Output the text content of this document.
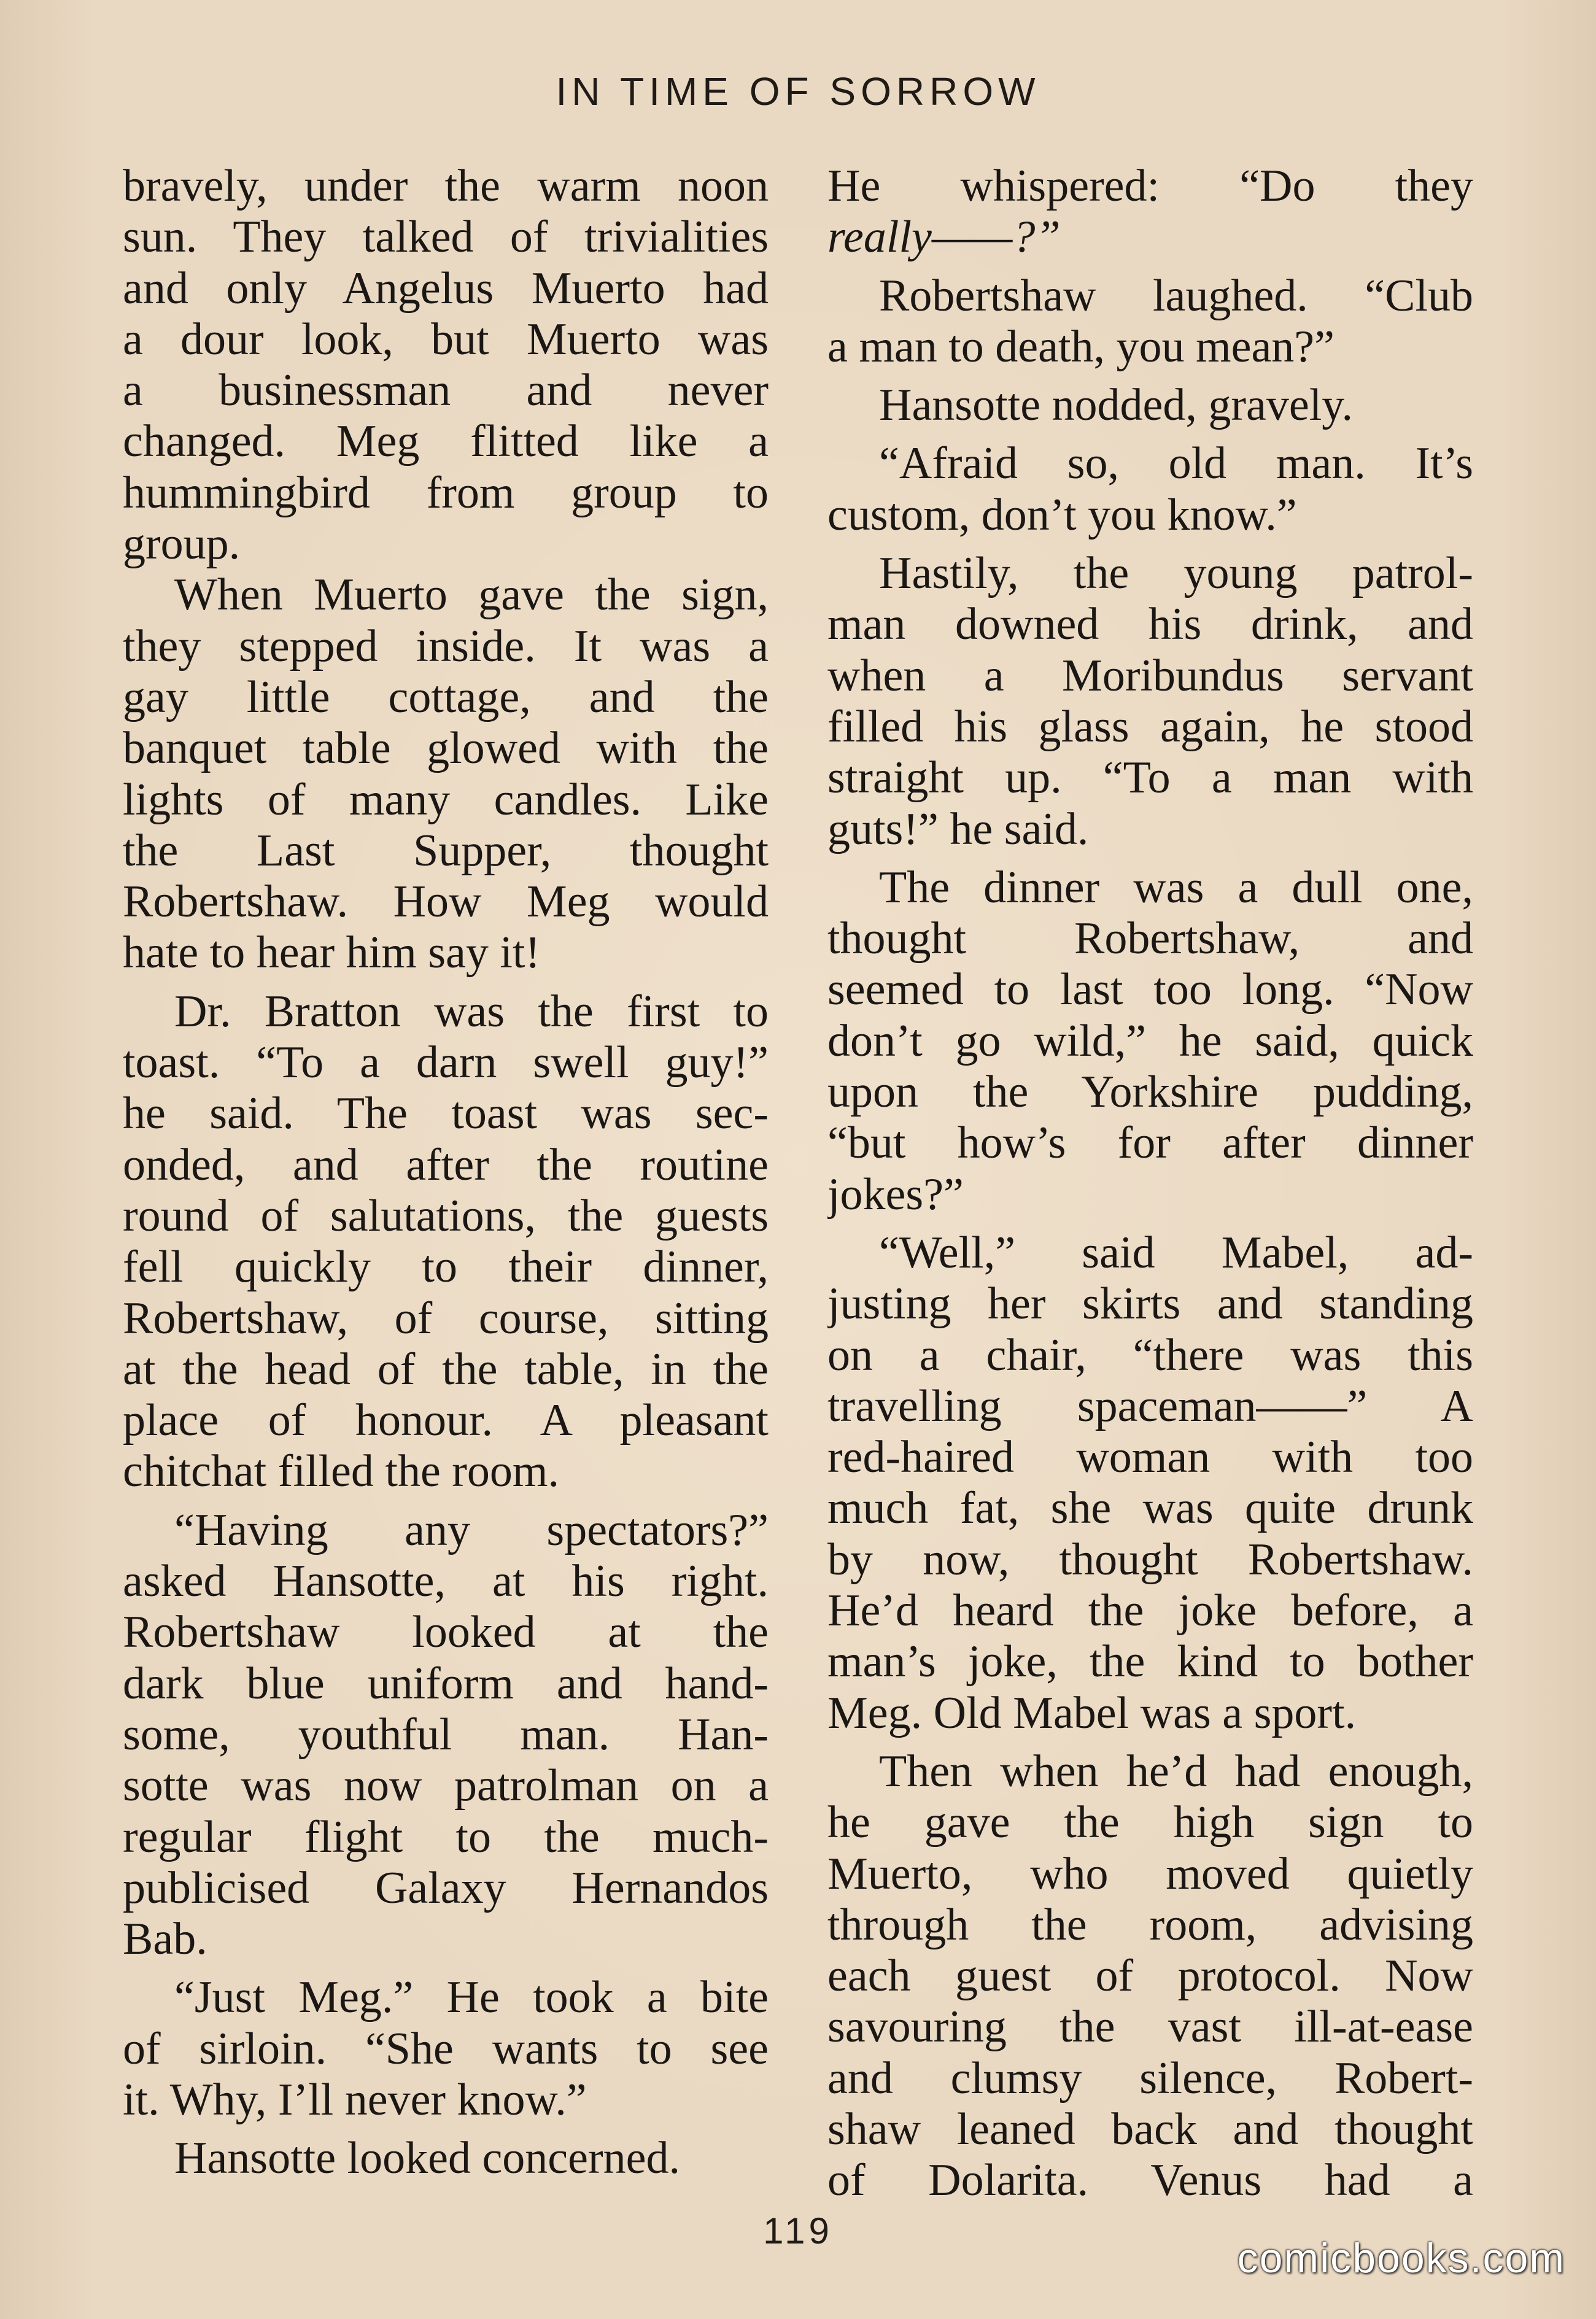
IN TIME OF SORROW

bravely, under the warm noon

sun. They talked of trivialities

and only Angelus Muerto had

a dour look, but Muerto was

a businessman and never

changed. Meg flitted like a

hummingbird from group to

group.

When Muerto gave the sign,

they stepped inside. It was a

gay little cottage, and the

banquet table glowed with the

lights of many candles. Like

the Last Supper, thought

Robertshaw. How Meg would

hate to hear him say it!

Dr. Bratton was the first to

toast. “To a darn swell guy!”

he said. The toast was sec-

onded, and after the routine

round of salutations, the guests

fell quickly to their dinner,

Robertshaw, of course, sitting

at the head of the table, in the

place of honour. A pleasant

chitchat filled the room.

“Having any spectators?”

asked Hansotte, at his right.

Robertshaw looked at the

dark blue uniform and hand-

some, youthful man. Han-

sotte was now patrolman on a

regular flight to the much-

publicised Galaxy Hernandos

Bab.

“Just Meg.” He took a bite

of sirloin. “She wants to see

it. Why, I’ll never know.”

Hansotte looked concerned.

He whispered: “Do they

really——?”

Robertshaw laughed. “Club

a man to death, you mean?”

Hansotte nodded, gravely.

“Afraid so, old man. It’s

custom, don’t you know.”

Hastily, the young patrol-

man downed his drink, and

when a Moribundus servant

filled his glass again, he stood

straight up. “To a man with

guts!” he said.

The dinner was a dull one,

thought Robertshaw, and

seemed to last too long. “Now

don’t go wild,” he said, quick

upon the Yorkshire pudding,

“but how’s for after dinner

jokes?”

“Well,” said Mabel, ad-

justing her skirts and standing

on a chair, “there was this

travelling spaceman——” A

red-haired woman with too

much fat, she was quite drunk

by now, thought Robertshaw.

He’d heard the joke before, a

man’s joke, the kind to bother

Meg. Old Mabel was a sport.

Then when he’d had enough,

he gave the high sign to

Muerto, who moved quietly

through the room, advising

each guest of protocol. Now

savouring the vast ill-at-ease

and clumsy silence, Robert-

shaw leaned back and thought

of Dolarita. Venus had a

119
comicbooks.com
